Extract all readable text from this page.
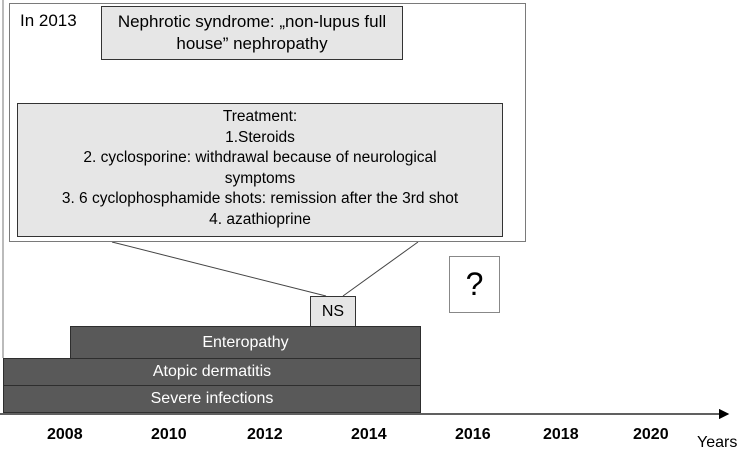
In 2013	Nephrotic syndrome: „non-lupus full house” nephropathy
Treatment:
1.Steroids
2. cyclosporine: withdrawal because of neurological symptoms
3. 6 cyclophosphamide shots: remission after the 3rd shot
4. azathioprine
NS
?
Enteropathy
Atopic dermatitis
Severe infections
2008	2010	2012	2014	2016	2018	2020 Years
